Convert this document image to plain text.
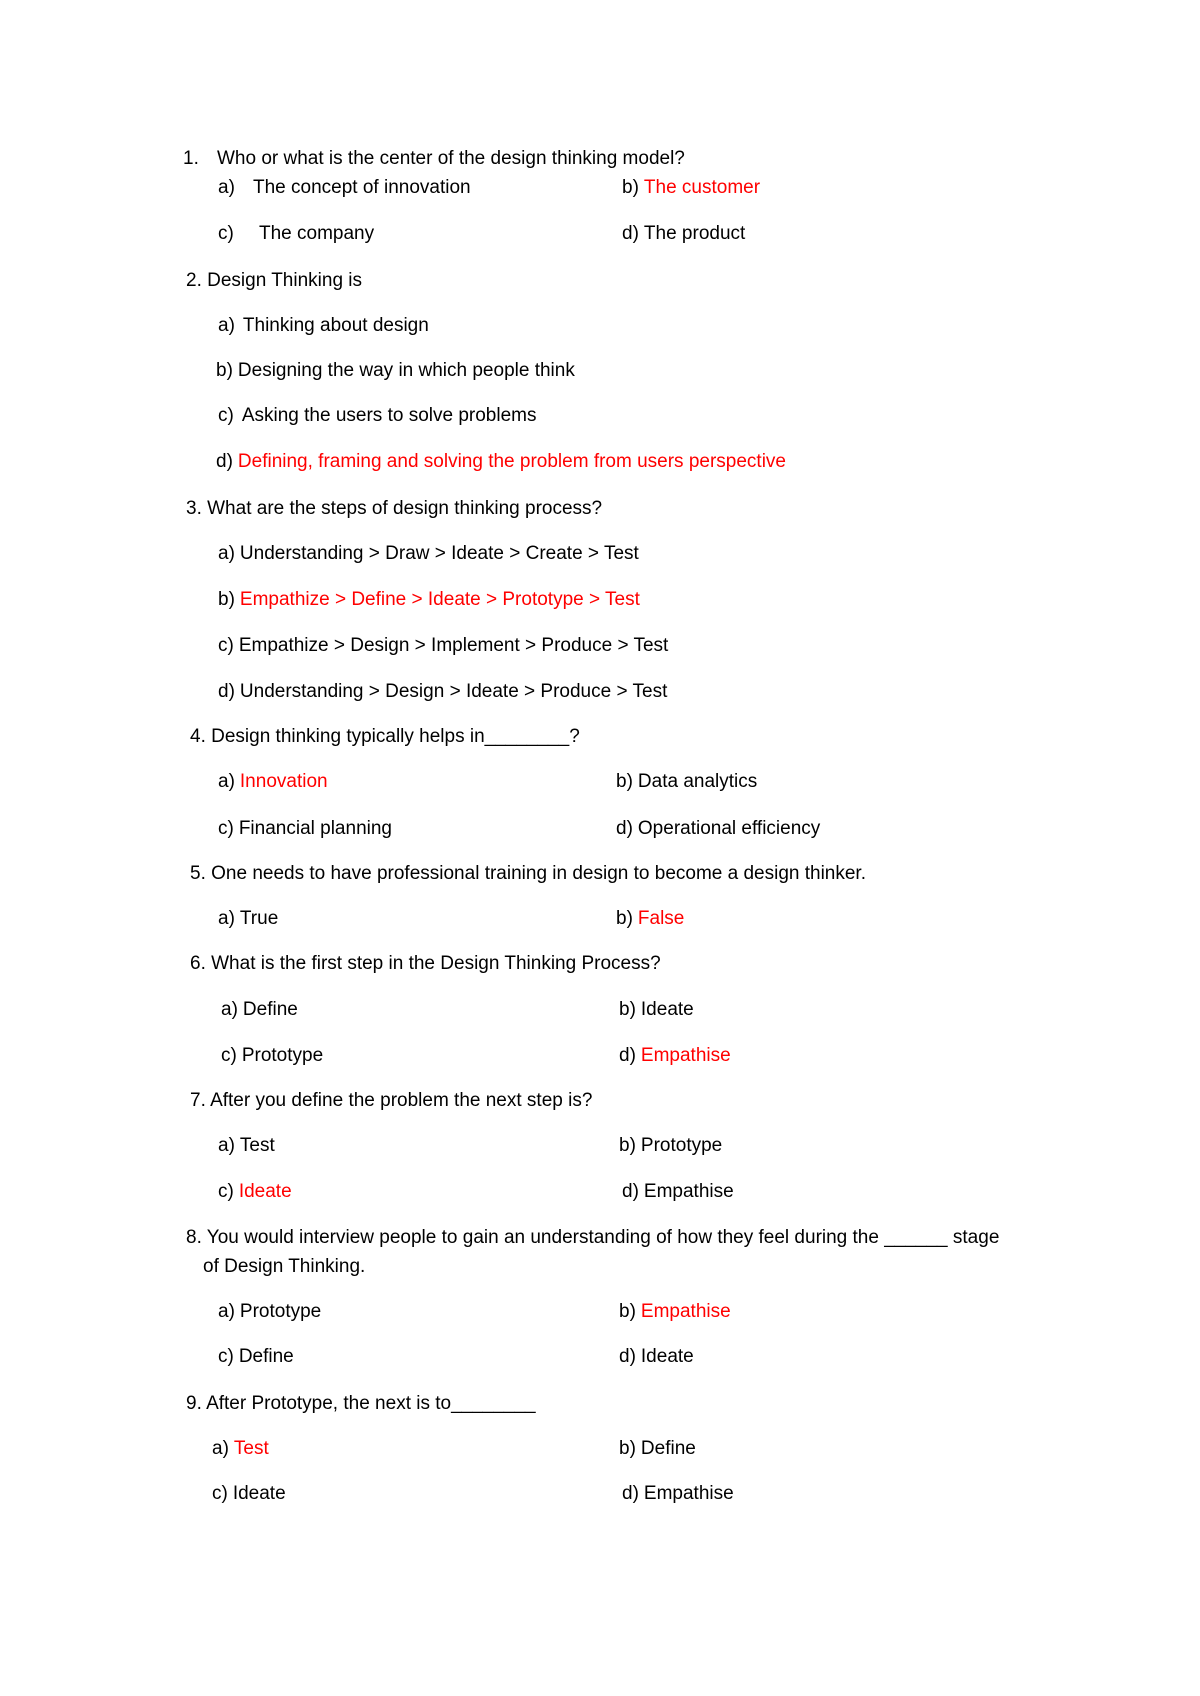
1. Who or what is the center of the design thinking model?
a) The concept of innovation	b) The customer
c) The company	d) The product
2. Design Thinking is
a) Thinking about design
b) Designing the way in which people think
c) Asking the users to solve problems
d) Defining, framing and solving the problem from users perspective
3. What are the steps of design thinking process?
a) Understanding > Draw > Ideate > Create > Test
b) Empathize > Define > Ideate > Prototype > Test
c) Empathize > Design > Implement > Produce > Test
d) Understanding > Design > Ideate > Produce > Test
4. Design thinking typically helps in________?
a) Innovation	b) Data analytics
c) Financial planning	d) Operational efficiency
5. One needs to have professional training in design to become a design thinker.
a) True	b) False
6. What is the first step in the Design Thinking Process?
a) Define	b) Ideate
c) Prototype	d) Empathise
7. After you define the problem the next step is?
a) Test	b) Prototype
c) Ideate	d) Empathise
8. You would interview people to gain an understanding of how they feel during the ______ stage
of Design Thinking.
a) Prototype	b) Empathise
c) Define	d) Ideate
9. After Prototype, the next is to________
a) Test	b) Define
c) Ideate	d) Empathise
